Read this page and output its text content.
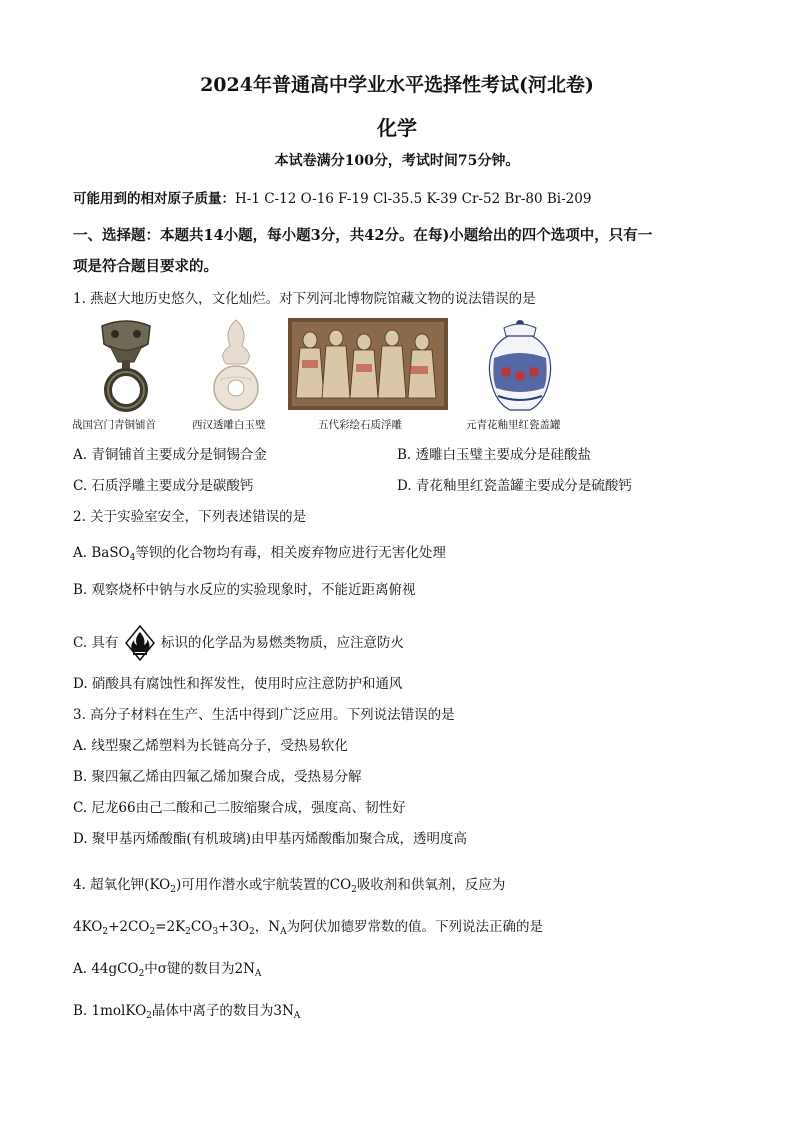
2024年普通高中学业水平选择性考试(河北卷)
化学
本试卷满分100分，考试时间75分钟。
可能用到的相对原子质量：H-1 C-12 O-16 F-19 Cl-35.5 K-39 Cr-52 Br-80 Bi-209
一、选择题：本题共14小题，每小题3分，共42分。在每)小题给出的四个选项中，只有一
项是符合题目要求的。
1. 燕赵大地历史悠久，文化灿烂。对下列河北博物院馆藏文物的说法错误的是
战国宫门青铜铺首	西汉透雕白玉璧	五代彩绘石质浮雕	元青花釉里红瓷盖罐
A. 青铜铺首主要成分是铜锡合金	B. 透雕白玉璧主要成分是硅酸盐
C. 石质浮雕主要成分是碳酸钙	D. 青花釉里红瓷盖罐主要成分是硫酸钙
2. 关于实验室安全，下列表述错误的是
A. BaSO$_4$等钡的化合物均有毒，相关废弃物应进行无害化处理
B. 观察烧杯中钠与水反应的实验现象时，不能近距离俯视
C. 具有	标识的化学品为易燃类物质，应注意防火
D. 硝酸具有腐蚀性和挥发性，使用时应注意防护和通风
3. 高分子材料在生产、生活中得到广泛应用。下列说法错误的是
A. 线型聚乙烯塑料为长链高分子，受热易软化
B. 聚四氟乙烯由四氟乙烯加聚合成，受热易分解
C. 尼龙66由己二酸和己二胺缩聚合成，强度高、韧性好
D. 聚甲基丙烯酸酯(有机玻璃)由甲基丙烯酸酯加聚合成，透明度高
4. 超氧化钾$(KO_2)$可用作潜水或宇航装置的$CO_2$吸收剂和供氧剂，反应为
$4KO_2+2CO_2=2K_2CO_3+3O_2$，$N_A$为阿伏加德罗常数的值。下列说法正确的是
A. 44gCO$_2$中σ键的数目为$2N_A$
B. 1molKO$_2$晶体中离子的数目为$3N_A$
